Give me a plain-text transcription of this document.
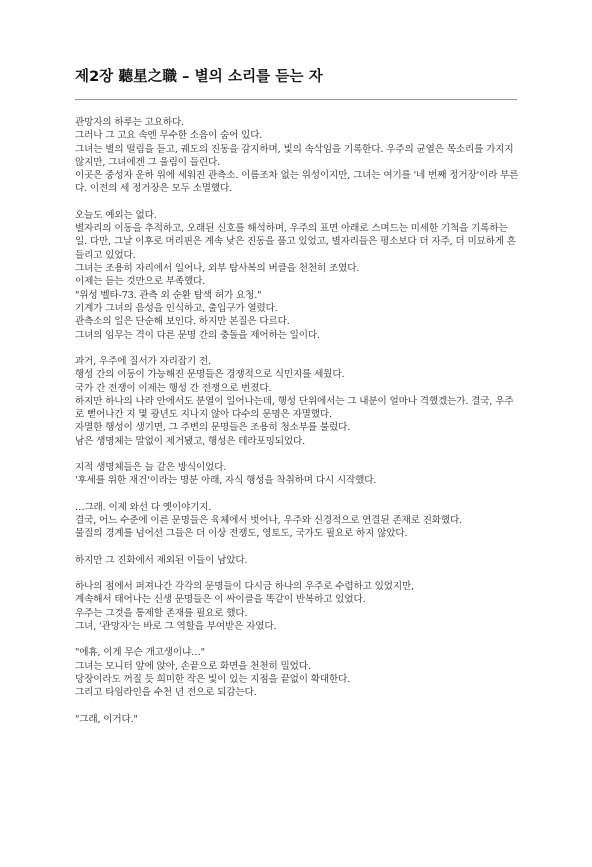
제2장 聽星之職 – 별의 소리를 듣는 자
관망자의 하루는 고요하다.
그러나 그 고요 속엔 무수한 소음이 숨어 있다.
그녀는 별의 떨림을 듣고, 궤도의 진동을 감지하며, 빛의 속삭임을 기록한다. 우주의 균열은 목소리를 가지지 않지만, 그녀에겐 그 울림이 들린다.
이곳은 중성자 운하 위에 세워진 관측소. 이름조차 없는 위성이지만, 그녀는 여기를 '네 번째 정거장'이라 부른다. 이전의 세 정거장은 모두 소멸했다.
오늘도 예외는 없다.
별자리의 이동을 추적하고, 오래된 신호를 해석하며, 우주의 표면 아래로 스며드는 미세한 기척을 기록하는 일. 다만, 그날 이후로 머리핀은 계속 낮은 진동을 품고 있었고, 별자리들은 평소보다 더 자주, 더 미묘하게 흔들리고 있었다.
그녀는 조용히 자리에서 일어나, 외부 탐사복의 버클을 천천히 조였다.
이제는 듣는 것만으로 부족했다.
"위성 벨타-73. 관측 외 순환 탐색 허가 요청."
기계가 그녀의 음성을 인식하고, 출입구가 열렸다.
관측소의 일은 단순해 보인다. 하지만 본질은 다르다.
그녀의 임무는 격이 다른 문명 간의 충돌을 제어하는 일이다.
과거, 우주에 질서가 자리잡기 전.
행성 간의 이동이 가능해진 문명들은 경쟁적으로 식민지를 세웠다.
국가 간 전쟁이 이제는 행성 간 전쟁으로 번졌다.
하지만 하나의 나라 안에서도 분열이 일어나는데, 행성 단위에서는 그 내분이 얼마나 격했겠는가. 결국, 우주로 뻗어나간 지 몇 광년도 지나지 않아 다수의 문명은 자멸했다.
자멸한 행성이 생기면, 그 주변의 문명들은 조용히 청소부를 불렀다.
남은 생명체는 말없이 제거됐고, 행성은 테라포밍되었다.
지적 생명체들은 늘 같은 방식이었다.
'후세를 위한 재건'이라는 명분 아래, 자식 행성을 착취하며 다시 시작했다.
…그래. 이제 와선 다 옛이야기지.
결국, 어느 수준에 이른 문명들은 육체에서 벗어나, 우주와 신경적으로 연결된 존재로 진화했다.
물질의 경계를 넘어선 그들은 더 이상 전쟁도, 영토도, 국가도 필요로 하지 않았다.
하지만 그 진화에서 제외된 이들이 남았다.
하나의 점에서 퍼져나간 각각의 문명들이 다시금 하나의 우주로 수렴하고 있었지만,
계속해서 태어나는 신생 문명들은 이 싸이클을 똑같이 반복하고 있었다.
우주는 그것을 통제할 존재를 필요로 했다.
그녀, '관망자'는 바로 그 역할을 부여받은 자였다.
"에휴, 이게 무슨 개고생이냐…"
그녀는 모니터 앞에 앉아, 손끝으로 화면을 천천히 밀었다.
당장이라도 꺼질 듯 희미한 작은 빛이 있는 지점을 끝없이 확대한다.
그리고 타임라인을 수천 년 전으로 되감는다.
"그래, 이거다."
